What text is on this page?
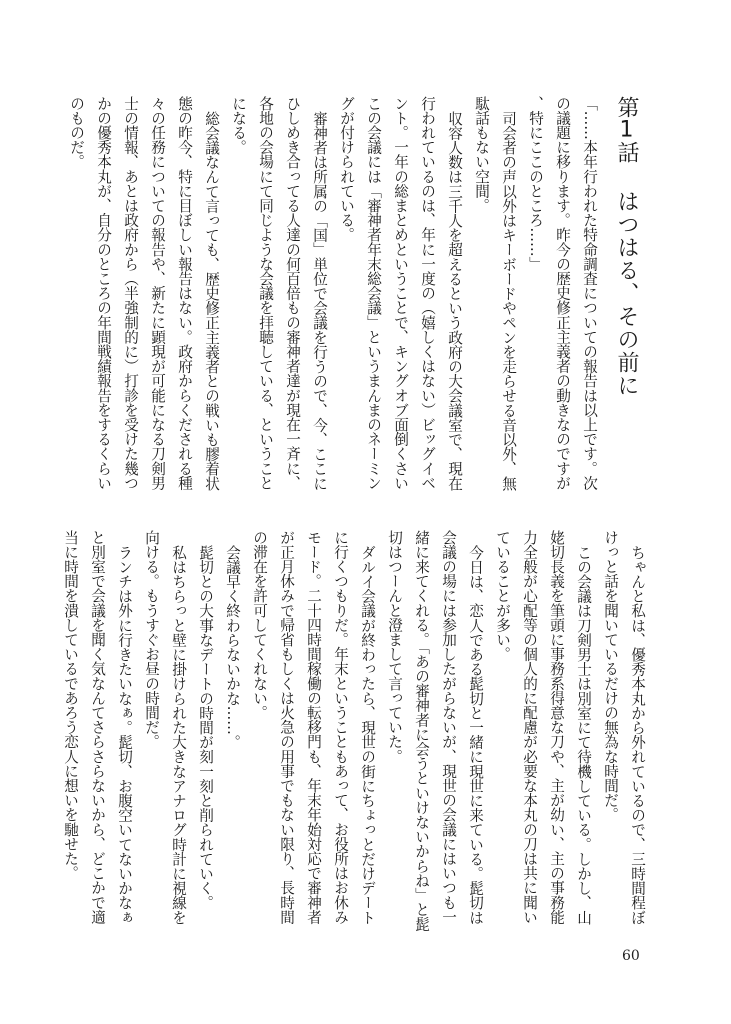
第1話はつはる、その前に

「……本年行われた特命調査についての報告は以上です。次の議題に移ります。昨今の歴史修正主義者の動きなのですが、特にここのところ……」

司会者の声以外はキーボードやペンを走らせる音以外、無駄話もない空間。

収容人数は三千人を超えるという政府の大会議室で、現在行われているのは、年に一度の（嬉しくはない）ビッグイベント。一年の総まとめということで、キングオブ面倒くさいこの会議には「審神者年末総会議」というまんまのネーミングが付けられている。

審神者は所属の「国」単位で会議を行うので、今、ここにひしめき合ってる人達の何百倍もの審神者達が現在一斉に、各地の会場にて同じような会議を拝聴している、ということになる。

総会議なんて言っても、歴史修正主義者との戦いも膠着状態の昨今、特に目ぼしい報告はない。政府からくだされる種々の任務についての報告や、新たに顕現が可能になる刀剣男士の情報、あとは政府から（半強制的に）打診を受けた幾つかの優秀本丸が、自分のところの年間戦績報告をするくらいのものだ。

ちゃんと私は、優秀本丸から外れているので、三時間程ぼけっと話を聞いているだけの無為な時間だ。

この会議は刀剣男士は別室にて待機している。しかし、山姥切長義を筆頭に事務系得意な刀や、主が幼い、主の事務能力全般が心配等の個人的に配慮が必要な本丸の刀は共に聞いていることが多い。

今日は、恋人である髭切と一緒に現世に来ている。髭切は会議の場には参加したがらないが、現世の会議にはいつも一緒に来てくれる。「あの審神者に会うといけないからね」と髭切はつーんと澄まして言っていた。

ダルイ会議が終わったら、現世の街にちょっとだけデートに行くつもりだ。年末ということもあって、お役所はお休みモード。二十四時間稼働の転移門も、年末年始対応で審神者が正月休みで帰省もしくは火急の用事でもない限り、長時間の滞在を許可してくれない。

会議早く終わらないかな……。

髭切との大事なデートの時間が刻一刻と削られていく。

私はちらっと壁に掛けられた大きなアナログ時計に視線を向ける。もうすぐお昼の時間だ。

ランチは外に行きたいなぁ。髭切、お腹空いてないかなぁと別室で会議を聞く気なんてさらさらないから、どこかで適当に時間を潰しているであろう恋人に想いを馳せた。

60
